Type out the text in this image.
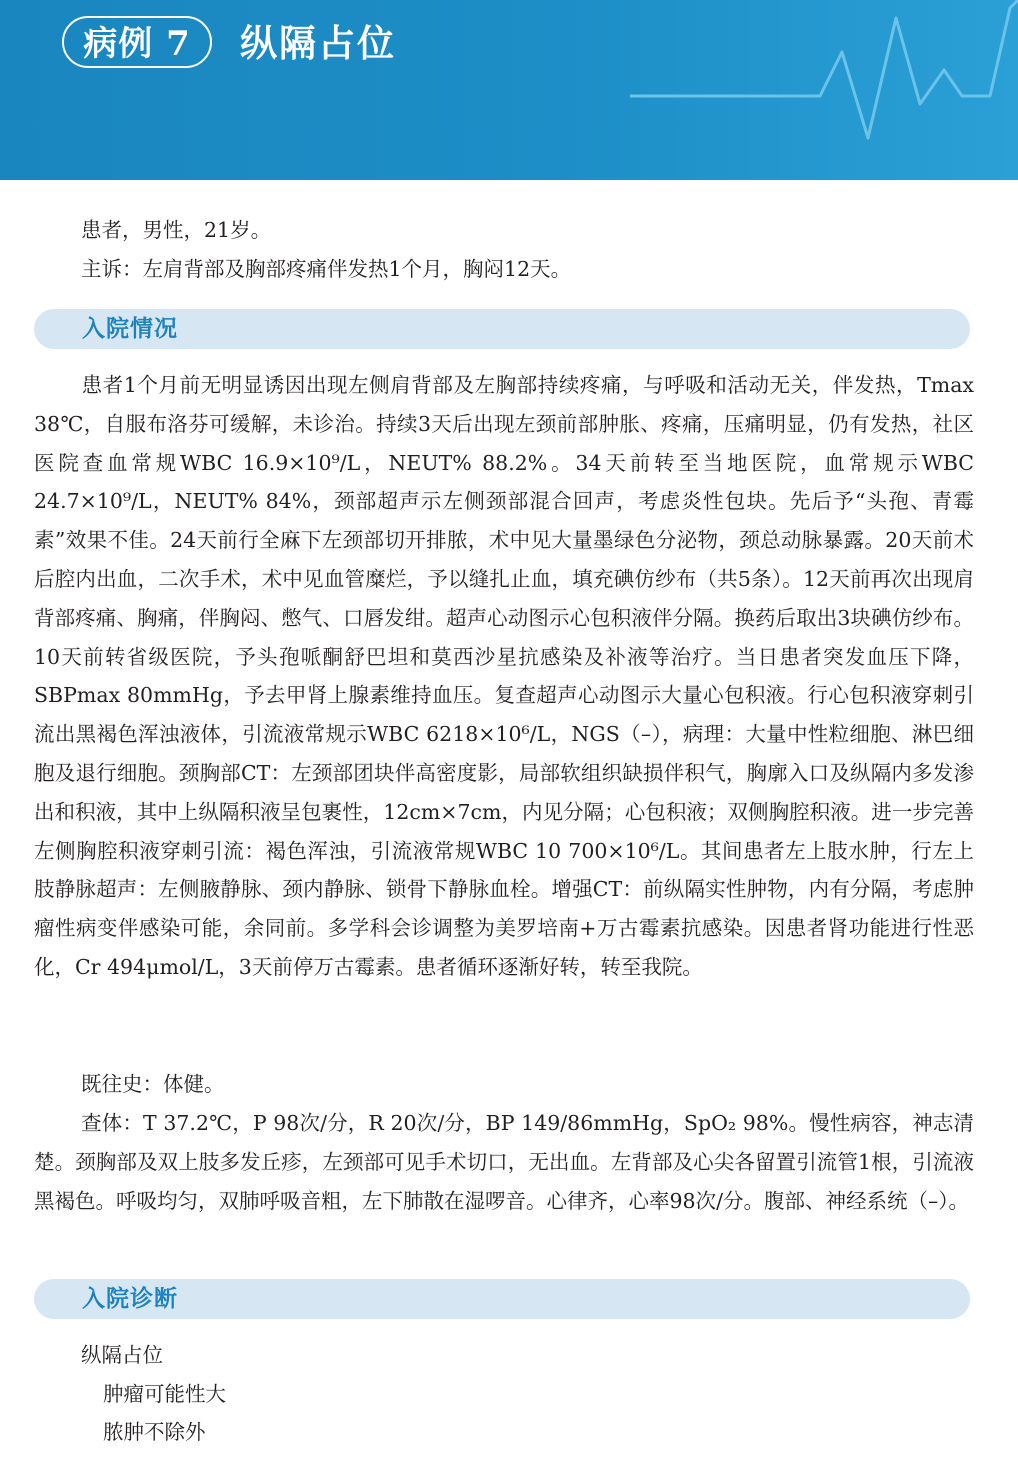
病例 7	纵隔占位
患者，男性，21岁。
主诉：左肩背部及胸部疼痛伴发热1个月，胸闷12天。
入院情况

患者1个月前无明显诱因出现左侧肩背部及左胸部持续疼痛，与呼吸和活动无关，伴发热，Tmax 38℃，自服布洛芬可缓解，未诊治。持续3天后出现左颈前部肿胀、疼痛，压痛明显，仍有发热，社区医院查血常规WBC 16.9×10⁹/L，NEUT% 88.2%。34天前转至当地医院，血常规示WBC 24.7×10⁹/L，NEUT% 84%，颈部超声示左侧颈部混合回声，考虑炎性包块。先后予“头孢、青霉素”效果不佳。24天前行全麻下左颈部切开排脓，术中见大量墨绿色分泌物，颈总动脉暴露。20天前术后腔内出血，二次手术，术中见血管糜烂，予以缝扎止血，填充碘仿纱布（共5条）。12天前再次出现肩背部疼痛、胸痛，伴胸闷、憋气、口唇发绀。超声心动图示心包积液伴分隔。换药后取出3块碘仿纱布。10天前转省级医院，予头孢哌酮舒巴坦和莫西沙星抗感染及补液等治疗。当日患者突发血压下降，SBPmax 80mmHg，予去甲肾上腺素维持血压。复查超声心动图示大量心包积液。行心包积液穿刺引流出黑褐色浑浊液体，引流液常规示WBC 6218×10⁶/L，NGS（–），病理：大量中性粒细胞、淋巴细胞及退行细胞。颈胸部CT：左颈部团块伴高密度影，局部软组织缺损伴积气，胸廓入口及纵隔内多发渗出和积液，其中上纵隔积液呈包裹性，12cm×7cm，内见分隔；心包积液；双侧胸腔积液。进一步完善左侧胸腔积液穿刺引流：褐色浑浊，引流液常规WBC 10 700×10⁶/L。其间患者左上肢水肿，行左上肢静脉超声：左侧腋静脉、颈内静脉、锁骨下静脉血栓。增强CT：前纵隔实性肿物，内有分隔，考虑肿瘤性病变伴感染可能，余同前。多学科会诊调整为美罗培南+万古霉素抗感染。因患者肾功能进行性恶化，Cr 494μmol/L，3天前停万古霉素。患者循环逐渐好转，转至我院。

既往史：体健。

查体：T 37.2℃，P 98次/分，R 20次/分，BP 149/86mmHg，SpO₂ 98%。慢性病容，神志清楚。颈胸部及双上肢多发丘疹，左颈部可见手术切口，无出血。左背部及心尖各留置引流管1根，引流液黑褐色。呼吸均匀，双肺呼吸音粗，左下肺散在湿啰音。心律齐，心率98次/分。腹部、神经系统（–）。

入院诊断
纵隔占位
肿瘤可能性大
脓肿不除外
